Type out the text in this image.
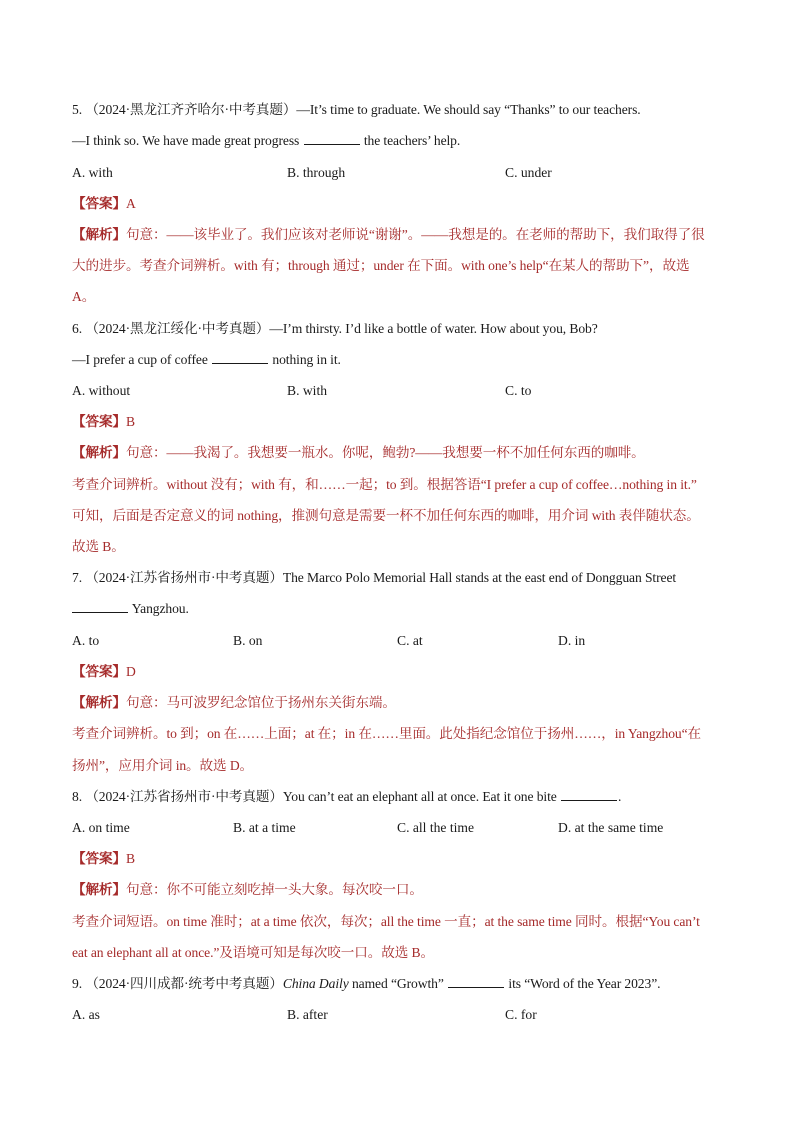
5. （2024·黑龙江齐齐哈尔·中考真题）—It’s time to graduate. We should say “Thanks” to our teachers.
—I think so. We have made great progress	the teachers’ help.
A. with	B. through	C. under
【答案】A
【解析】句意：——该毕业了。我们应该对老师说“谢谢”。——我想是的。在老师的帮助下，我们取得了很
大的进步。考查介词辨析。with 有；through 通过；under 在下面。with one’s help“在某人的帮助下”，故选
A。
6. （2024·黑龙江绥化·中考真题）—I’m thirsty. I’d like a bottle of water. How about you, Bob?
—I prefer a cup of coffee	nothing in it.
A. without	B. with	C. to
【答案】B
【解析】句意：——我渴了。我想要一瓶水。你呢，鲍勃?——我想要一杯不加任何东西的咖啡。
考查介词辨析。without 没有；with 有，和……一起；to 到。根据答语“I prefer a cup of coffee…nothing in it.”
可知，后面是否定意义的词 nothing，推测句意是需要一杯不加任何东西的咖啡，用介词 with 表伴随状态。
故选 B。
7. （2024·江苏省扬州市·中考真题）The Marco Polo Memorial Hall stands at the east end of Dongguan Street
Yangzhou.
A. to	B. on	C. at	D. in
【答案】D
【解析】句意：马可波罗纪念馆位于扬州东关街东端。
考查介词辨析。to 到；on 在……上面；at 在；in 在……里面。此处指纪念馆位于扬州……，in Yangzhou“在
扬州”，应用介词 in。故选 D。
8. （2024·江苏省扬州市·中考真题）You can’t eat an elephant all at once. Eat it one bite	.
A. on time	B. at a time	C. all the time	D. at the same time
【答案】B
【解析】句意：你不可能立刻吃掉一头大象。每次咬一口。
考查介词短语。on time 准时；at a time 依次，每次；all the time 一直；at the same time 同时。根据“You can’t
eat an elephant all at once.”及语境可知是每次咬一口。故选 B。
9. （2024·四川成都·统考中考真题）China Daily named “Growth”	its “Word of the Year 2023”.
A. as	B. after	C. for
